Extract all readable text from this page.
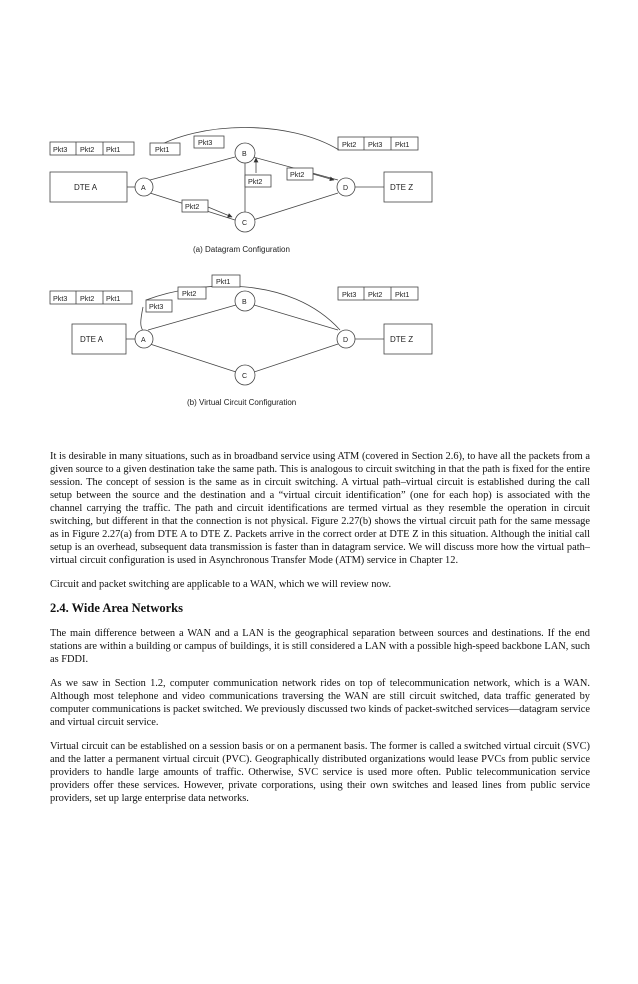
Pkt3 Pkt2 Pkt1
Pkt2 Pkt3 Pkt1
Pkt1
Pkt3
Pkt2
Pkt2
Pkt2
DTE A	DTE Z
A
B
C
D
(a) Datagram Configuration
Pkt3 Pkt2 Pkt1	Pkt3 Pkt2 Pkt1
Pkt1
Pkt2
Pkt3
DTE A	DTE Z
A
B
C
D
(b) Virtual Circuit Configuration

It is desirable in many situations, such as in broadband service using ATM (covered in Section 2.6), to have all the packets from a given source to a given destination take the same path. This is analogous to circuit switching in that the path is fixed for the entire session. The concept of session is the same as in circuit switching. A virtual path–virtual circuit is established during the call setup between the source and the destination and a “virtual circuit identification” (one for each hop) is associated with the channel carrying the traffic. The path and circuit identifications are termed virtual as they resemble the operation in circuit switching, but different in that the connection is not physical. Figure 2.27(b) shows the virtual circuit path for the same message as in Figure 2.27(a) from DTE A to DTE Z. Packets arrive in the correct order at DTE Z in this situation. Although the initial call setup is an overhead, subsequent data transmission is faster than in datagram service. We will discuss more how the virtual path–virtual circuit configuration is used in Asynchronous Transfer Mode (ATM) service in Chapter 12.

Circuit and packet switching are applicable to a WAN, which we will review now.

2.4. Wide Area Networks

The main difference between a WAN and a LAN is the geographical separation between sources and destinations. If the end stations are within a building or campus of buildings, it is still considered a LAN with a possible high-speed backbone LAN, such as FDDI.

As we saw in Section 1.2, computer communication network rides on top of telecommunication network, which is a WAN. Although most telephone and video communications traversing the WAN are still circuit switched, data traffic generated by computer communications is packet switched. We previously discussed two kinds of packet-switched services—datagram service and virtual circuit service.

Virtual circuit can be established on a session basis or on a permanent basis. The former is called a switched virtual circuit (SVC) and the latter a permanent virtual circuit (PVC). Geographically distributed organizations would lease PVCs from public service providers to handle large amounts of traffic. Otherwise, SVC service is used more often. Public telecommunication service providers offer these services. However, private corporations, using their own switches and leased lines from public service providers, set up large enterprise data networks.
